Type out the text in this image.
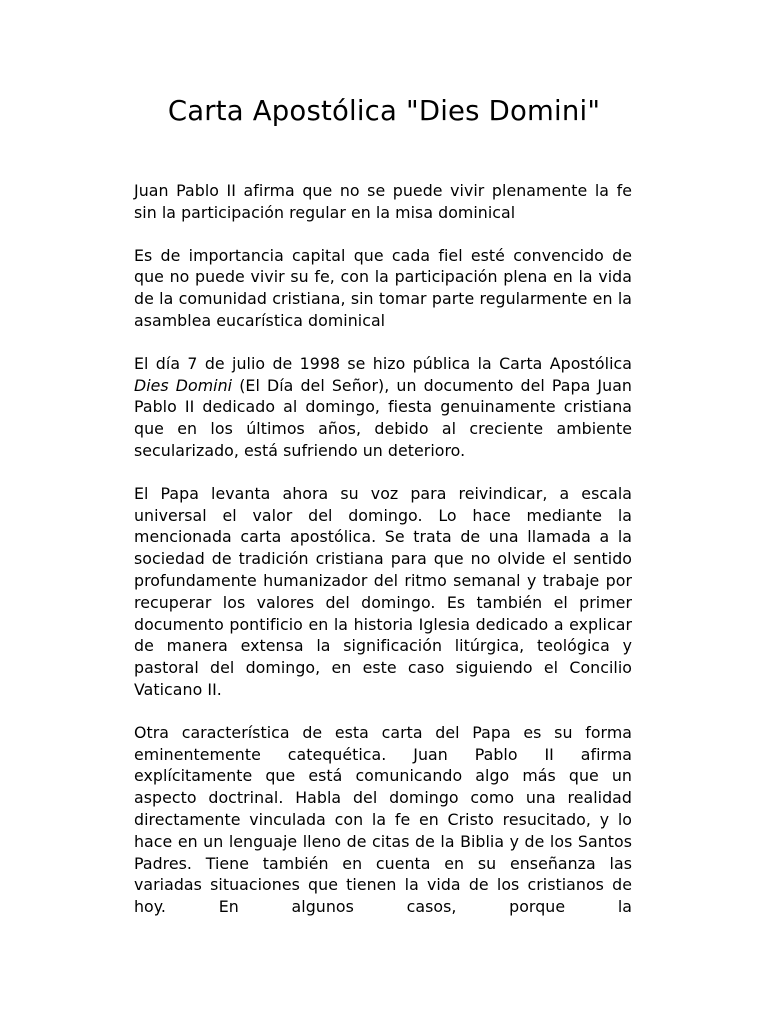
Carta Apostólica "Dies Domini"

Juan Pablo II afirma que no se puede vivir plenamente la fe sin la participación regular en la misa dominical

Es de importancia capital que cada fiel esté convencido de que no puede vivir su fe, con la participación plena en la vida de la comunidad cristiana, sin tomar parte regularmente en la asamblea eucarística dominical

El día 7 de julio de 1998 se hizo pública la Carta Apostólica Dies Domini (El Día del Señor), un documento del Papa Juan Pablo II dedicado al domingo, fiesta genuinamente cristiana que en los últimos años, debido al creciente ambiente secularizado, está sufriendo un deterioro.

El Papa levanta ahora su voz para reivindicar, a escala universal el valor del domingo. Lo hace mediante la mencionada carta apostólica. Se trata de una llamada a la sociedad de tradición cristiana para que no olvide el sentido profundamente humanizador del ritmo semanal y trabaje por recuperar los valores del domingo. Es también el primer documento pontificio en la historia Iglesia dedicado a explicar de manera extensa la significación litúrgica, teológica y pastoral del domingo, en este caso siguiendo el Concilio Vaticano II.

Otra característica de esta carta del Papa es su forma eminentemente catequética. Juan Pablo II afirma explícitamente que está comunicando algo más que un aspecto doctrinal. Habla del domingo como una realidad directamente vinculada con la fe en Cristo resucitado, y lo hace en un lenguaje lleno de citas de la Biblia y de los Santos Padres. Tiene también en cuenta en su enseñanza las variadas situaciones que tienen la vida de los cristianos de hoy. En algunos casos, porque la
